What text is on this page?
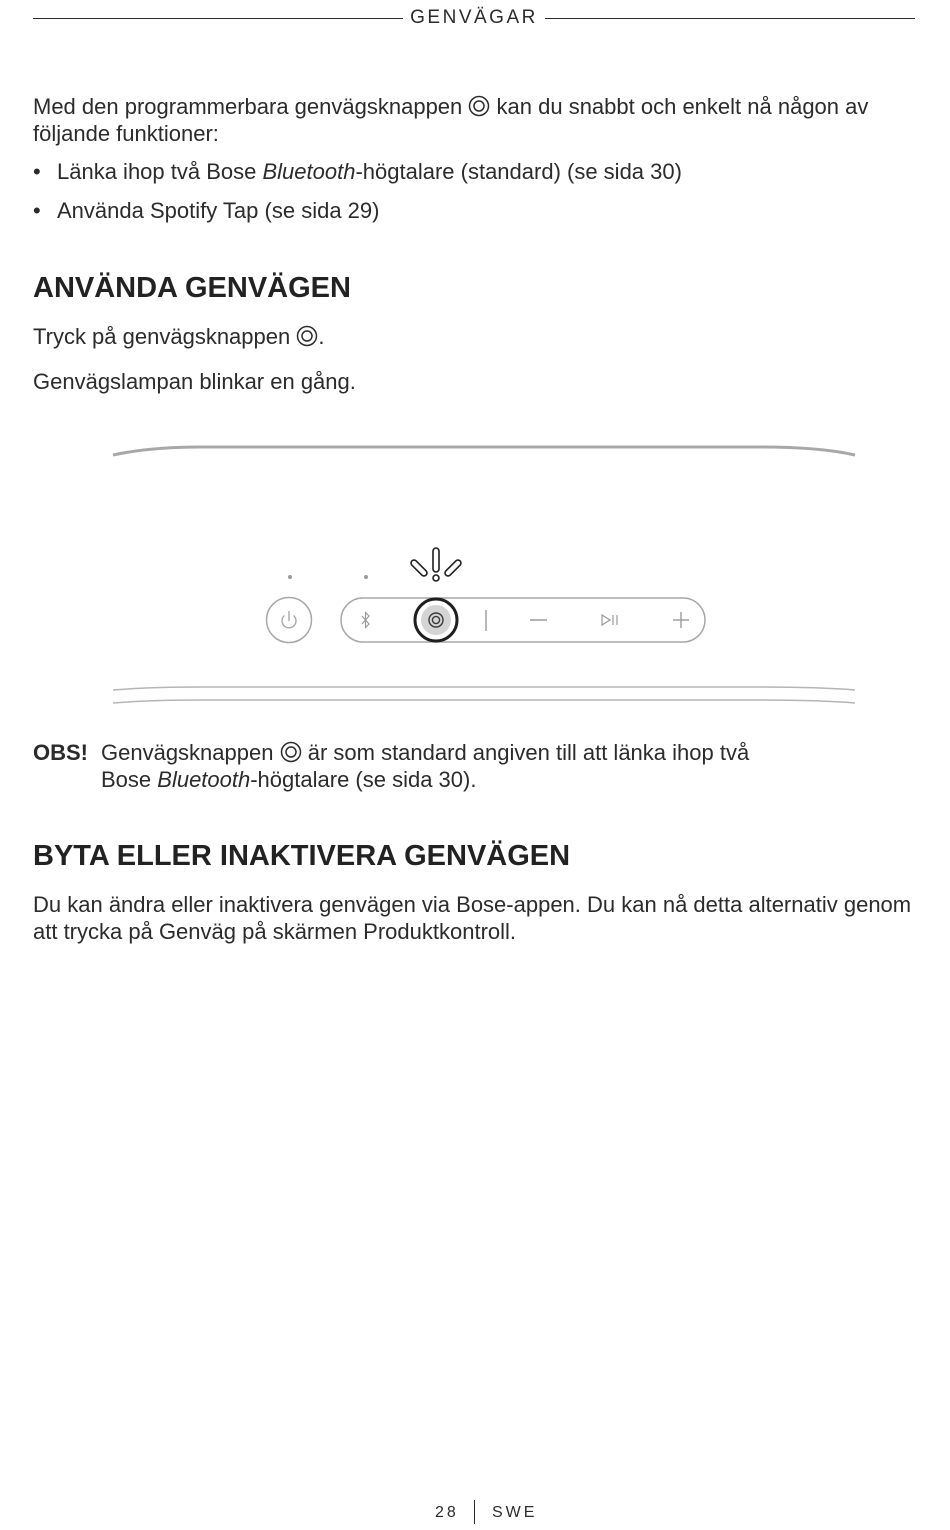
GENVÄGAR

Med den programmerbara genvägsknappen kan du snabbt och enkelt nå någon av följande funktioner:

• Länka ihop två Bose Bluetooth-högtalare (standard) (se sida 30)
• Använda Spotify Tap (se sida 29)
ANVÄNDA GENVÄGEN

Tryck på genvägsknappen .

Genvägslampan blinkar en gång.

OBS! Genvägsknappen är som standard angiven till att länka ihop två
Bose Bluetooth-högtalare (se sida 30).
BYTA ELLER INAKTIVERA GENVÄGEN

Du kan ändra eller inaktivera genvägen via Bose-appen. Du kan nå detta alternativ genom att trycka på Genväg på skärmen Produktkontroll.

28 SWE
